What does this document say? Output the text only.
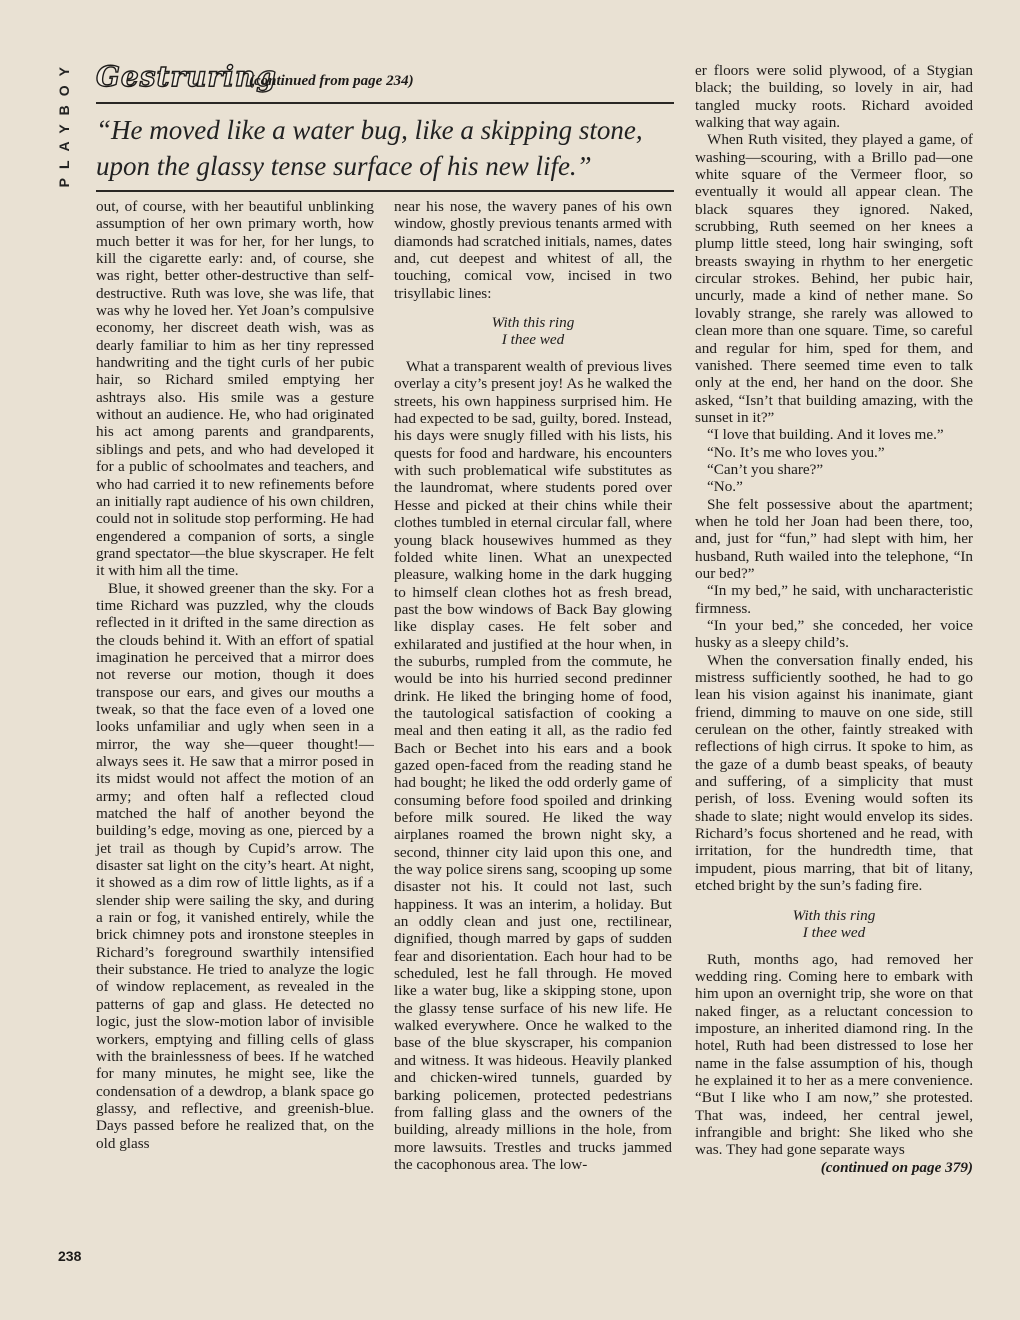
PLAYBOY Gestruring
(continued from page 234)

“He moved like a water bug, like a skipping stone, upon the glassy tense surface of his new life.”

out, of course, with her beautiful unblinking assumption of her own primary worth, how much better it was for her, for her lungs, to kill the cigarette early: and, of course, she was right, better other-destructive than self-destructive. Ruth was love, she was life, that was why he loved her. Yet Joan’s compulsive economy, her discreet death wish, was as dearly familiar to him as her tiny repressed handwriting and the tight curls of her pubic hair, so Richard smiled emptying her ashtrays also. His smile was a gesture without an audience. He, who had originated his act among parents and grandparents, siblings and pets, and who had developed it for a public of schoolmates and teachers, and who had carried it to new refinements before an initially rapt audience of his own children, could not in solitude stop performing. He had engendered a companion of sorts, a single grand spectator—the blue skyscraper. He felt it with him all the time.

Blue, it showed greener than the sky. For a time Richard was puzzled, why the clouds reflected in it drifted in the same direction as the clouds behind it. With an effort of spatial imagination he perceived that a mirror does not reverse our motion, though it does transpose our ears, and gives our mouths a tweak, so that the face even of a loved one looks unfamiliar and ugly when seen in a mirror, the way she—queer thought!—always sees it. He saw that a mirror posed in its midst would not affect the motion of an army; and often half a reflected cloud matched the half of another beyond the building’s edge, moving as one, pierced by a jet trail as though by Cupid’s arrow. The disaster sat light on the city’s heart. At night, it showed as a dim row of little lights, as if a slender ship were sailing the sky, and during a rain or fog, it vanished entirely, while the brick chimney pots and ironstone steeples in Richard’s foreground swarthily intensified their substance. He tried to analyze the logic of window replacement, as revealed in the patterns of gap and glass. He detected no logic, just the slow-motion labor of invisible workers, emptying and filling cells of glass with the brainlessness of bees. If he watched for many minutes, he might see, like the condensation of a dewdrop, a blank space go glassy, and reflective, and greenish-blue. Days passed before he realized that, on the old glass

near his nose, the wavery panes of his own window, ghostly previous tenants armed with diamonds had scratched initials, names, dates and, cut deepest and whitest of all, the touching, comical vow, incised in two trisyllabic lines:

With this ring
I thee wed

What a transparent wealth of previous lives overlay a city’s present joy! As he walked the streets, his own happiness surprised him. He had expected to be sad, guilty, bored. Instead, his days were snugly filled with his lists, his quests for food and hardware, his encounters with such problematical wife substitutes as the laundromat, where students pored over Hesse and picked at their chins while their clothes tumbled in eternal circular fall, where young black housewives hummed as they folded white linen. What an unexpected pleasure, walking home in the dark hugging to himself clean clothes hot as fresh bread, past the bow windows of Back Bay glowing like display cases. He felt sober and exhilarated and justified at the hour when, in the suburbs, rumpled from the commute, he would be into his hurried second predinner drink. He liked the bringing home of food, the tautological satisfaction of cooking a meal and then eating it all, as the radio fed Bach or Bechet into his ears and a book gazed open-faced from the reading stand he had bought; he liked the odd orderly game of consuming before food spoiled and drinking before milk soured. He liked the way airplanes roamed the brown night sky, a second, thinner city laid upon this one, and the way police sirens sang, scooping up some disaster not his. It could not last, such happiness. It was an interim, a holiday. But an oddly clean and just one, rectilinear, dignified, though marred by gaps of sudden fear and disorientation. Each hour had to be scheduled, lest he fall through. He moved like a water bug, like a skipping stone, upon the glassy tense surface of his new life. He walked everywhere. Once he walked to the base of the blue skyscraper, his companion and witness. It was hideous. Heavily planked and chicken-wired tunnels, guarded by barking policemen, protected pedestrians from falling glass and the owners of the building, already millions in the hole, from more lawsuits. Trestles and trucks jammed the cacophonous area. The low-

er floors were solid plywood, of a Stygian black; the building, so lovely in air, had tangled mucky roots. Richard avoided walking that way again.

When Ruth visited, they played a game, of washing—scouring, with a Brillo pad—one white square of the Vermeer floor, so eventually it would all appear clean. The black squares they ignored. Naked, scrubbing, Ruth seemed on her knees a plump little steed, long hair swinging, soft breasts swaying in rhythm to her energetic circular strokes. Behind, her pubic hair, uncurly, made a kind of nether mane. So lovably strange, she rarely was allowed to clean more than one square. Time, so careful and regular for him, sped for them, and vanished. There seemed time even to talk only at the end, her hand on the door. She asked, “Isn’t that building amazing, with the sunset in it?”

“I love that building. And it loves me.”

“No. It’s me who loves you.”

“Can’t you share?”

“No.”

She felt possessive about the apartment; when he told her Joan had been there, too, and, just for “fun,” had slept with him, her husband, Ruth wailed into the telephone, “In our bed?”

“In my bed,” he said, with uncharacteristic firmness.

“In your bed,” she conceded, her voice husky as a sleepy child’s.

When the conversation finally ended, his mistress sufficiently soothed, he had to go lean his vision against his inanimate, giant friend, dimming to mauve on one side, still cerulean on the other, faintly streaked with reflections of high cirrus. It spoke to him, as the gaze of a dumb beast speaks, of beauty and suffering, of a simplicity that must perish, of loss. Evening would soften its shade to slate; night would envelop its sides. Richard’s focus shortened and he read, with irritation, for the hundredth time, that impudent, pious marring, that bit of litany, etched bright by the sun’s fading fire.

With this ring
I thee wed

Ruth, months ago, had removed her wedding ring. Coming here to embark with him upon an overnight trip, she wore on that naked finger, as a reluctant concession to imposture, an inherited diamond ring. In the hotel, Ruth had been distressed to lose her name in the false assumption of his, though he explained it to her as a mere convenience. “But I like who I am now,” she protested. That was, indeed, her central jewel, infrangible and bright: She liked who she was. They had gone separate ways

(continued on page 379)

238
